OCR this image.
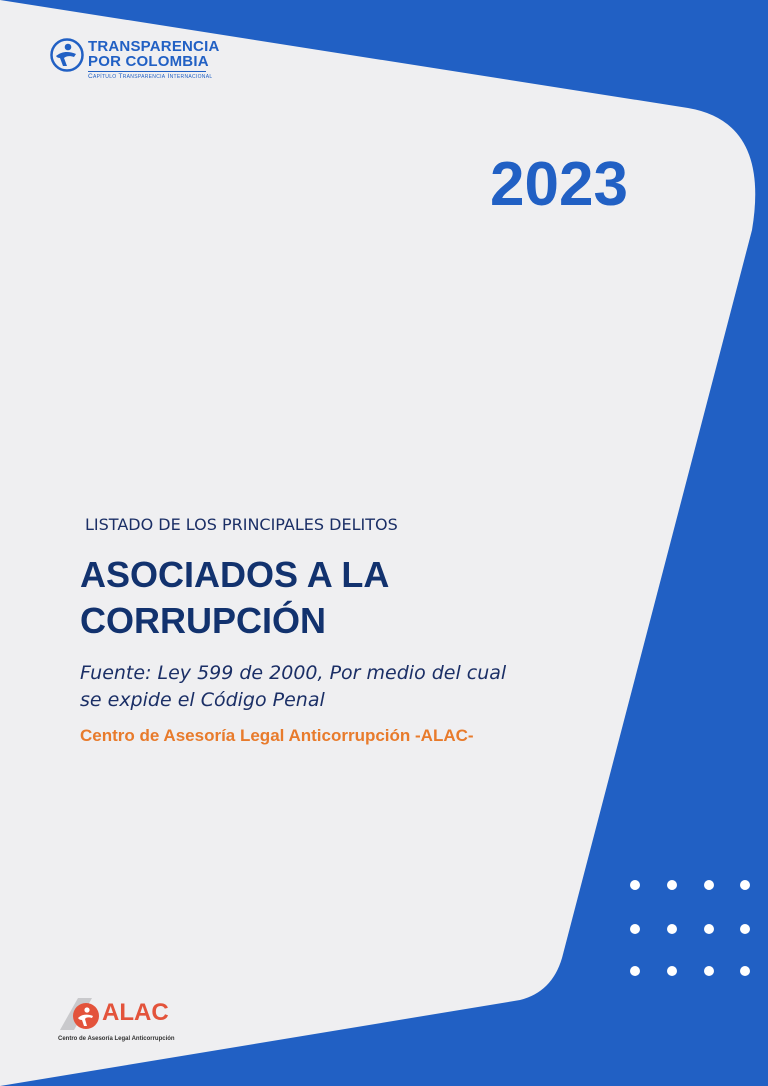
TRANSPARENCIA
POR COLOMBIA
Capítulo Transparencia Internacional
2023
LISTADO DE LOS PRINCIPALES DELITOS
ASOCIADOS A LA CORRUPCIÓN
Fuente: Ley 599 de 2000, Por medio del cual se expide el Código Penal
Centro de Asesoría Legal Anticorrupción -ALAC-
ALAC
Centro de Asesoría Legal Anticorrupción
